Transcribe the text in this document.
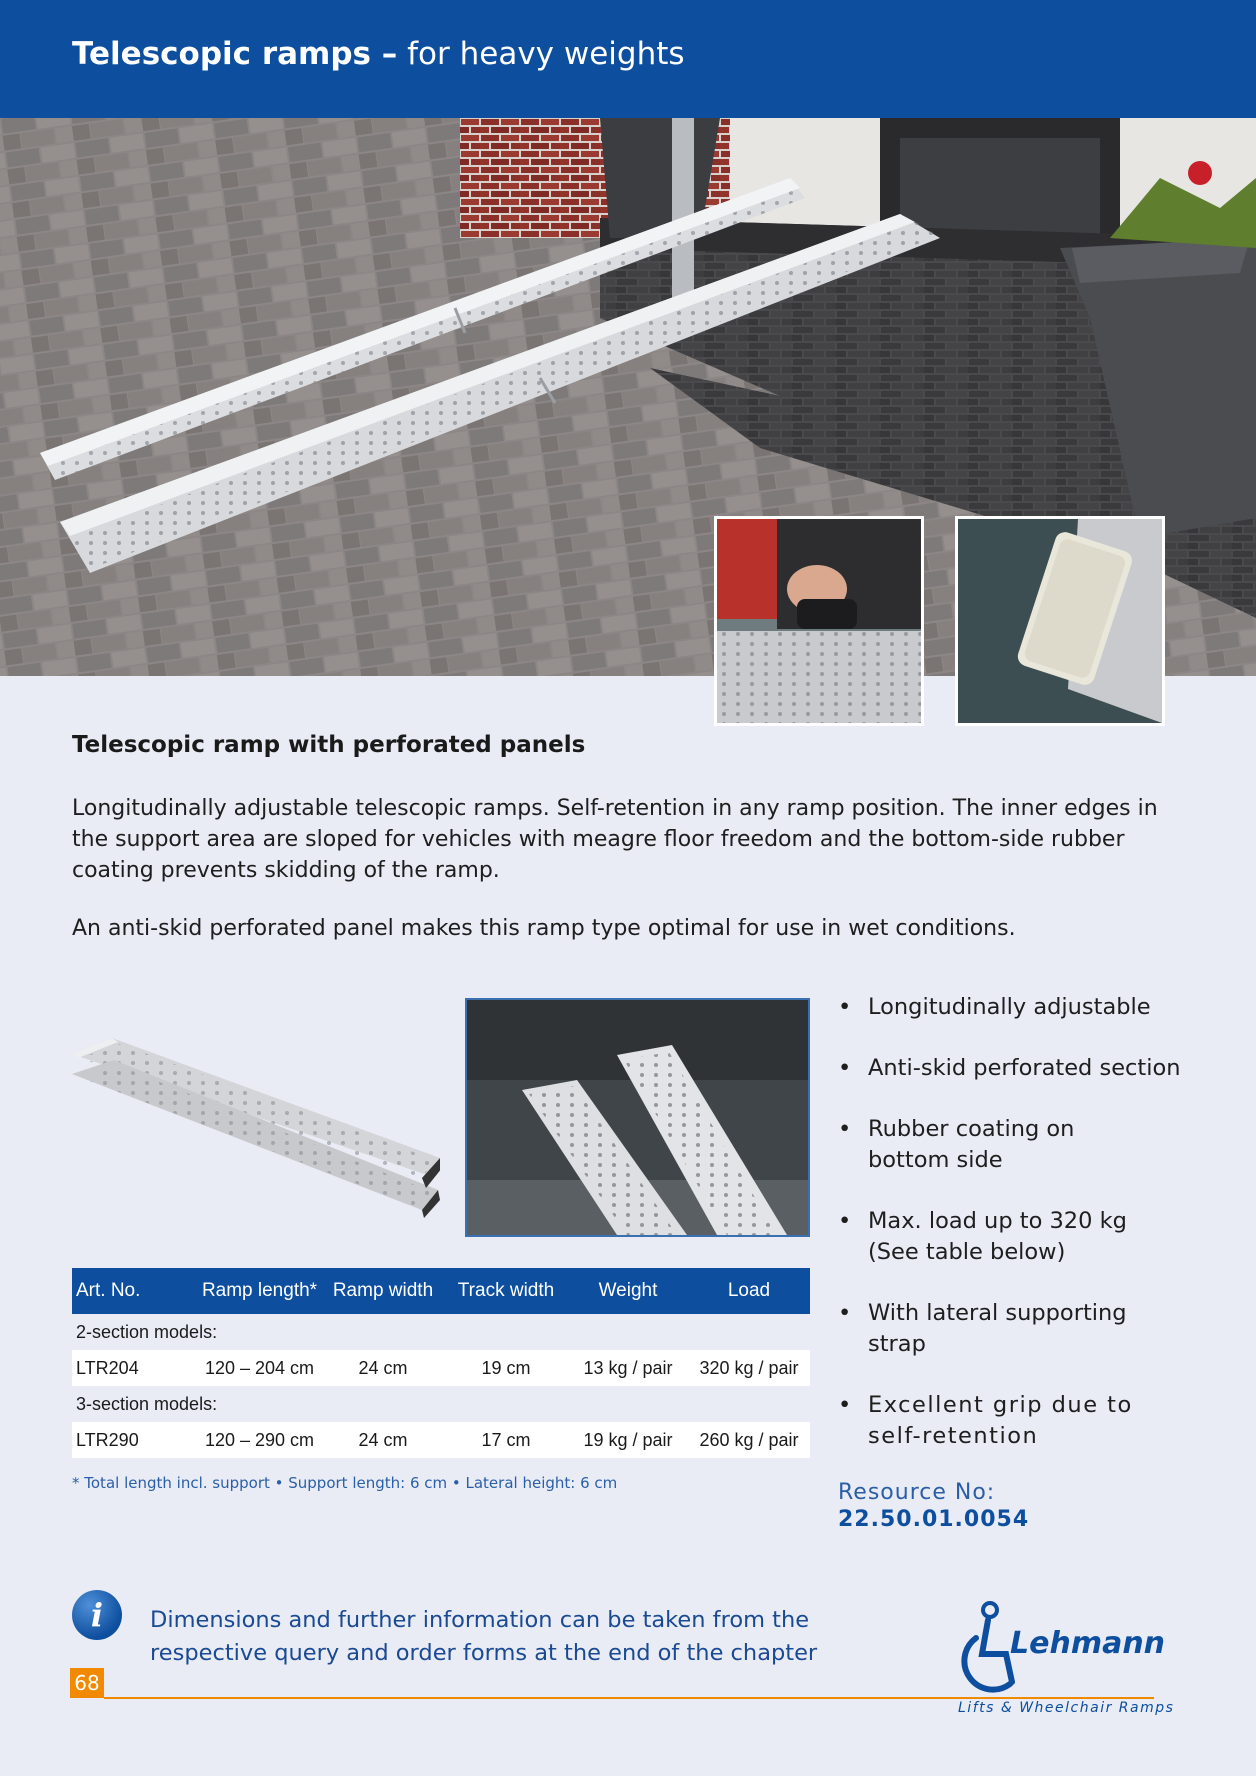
Telescopic ramps – for heavy weights
Telescopic ramp with perforated panels

Longitudinally adjustable telescopic ramps. Self-retention in any ramp position. The inner edges in the support area are sloped for vehicles with meagre floor freedom and the bottom-side rubber coating prevents skidding of the ramp.

An anti-skid perforated panel makes this ramp type optimal for use in wet conditions.

• Longitudinally adjustable
• Anti-skid perforated section
• Rubber coating on bottom side
• Max. load up to 320 kg (See table below)
• With lateral supporting strap
• Excellent grip due to self-retention
Resource No:
22.50.01.0054
Art. No.	Ramp length*	Ramp width	Track width	Weight	Load
2-section models:					
LTR204	120 – 204 cm	24 cm	19 cm	13 kg / pair	320 kg / pair
3-section models:					
LTR290	120 – 290 cm	24 cm	17 cm	19 kg / pair	260 kg / pair
* Total length incl. support • Support length: 6 cm • Lateral height: 6 cm
i	Dimensions and further information can be taken from the respective query and order forms at the end of the chapter
68
Lehmann
Lifts & Wheelchair Ramps
